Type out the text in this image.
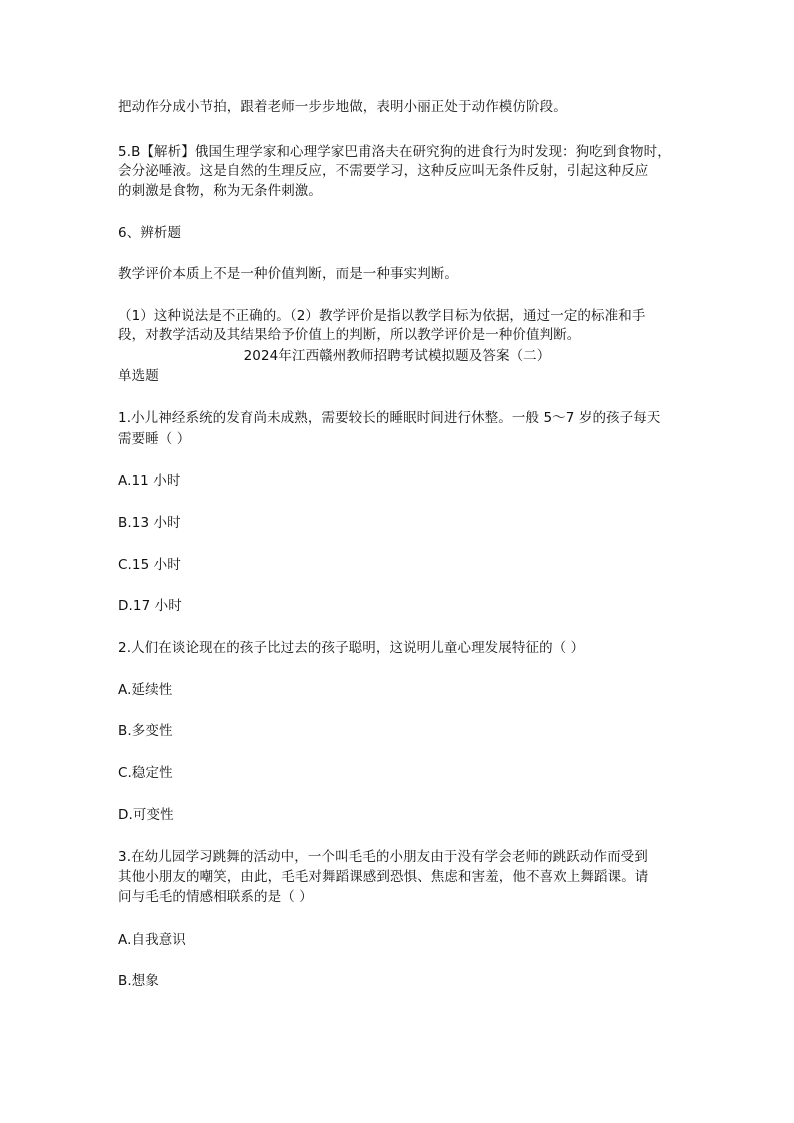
把动作分成小节拍，跟着老师一步步地做，表明小丽正处于动作模仿阶段。
5.B【解析】俄国生理学家和心理学家巴甫洛夫在研究狗的进食行为时发现：狗吃到食物时，
会分泌唾液。这是自然的生理反应，不需要学习，这种反应叫无条件反射，引起这种反应
的刺激是食物，称为无条件刺激。
6、辨析题
教学评价本质上不是一种价值判断，而是一种事实判断。
（1）这种说法是不正确的。（2）教学评价是指以教学目标为依据，通过一定的标准和手
段，对教学活动及其结果给予价值上的判断，所以教学评价是一种价值判断。
2024年江西赣州教师招聘考试模拟题及答案（二）
单选题
1.小儿神经系统的发育尚未成熟，需要较长的睡眠时间进行休整。一般 5～7 岁的孩子每天
需要睡（ ）
A.11 小时
B.13 小时
C.15 小时
D.17 小时
2.人们在谈论现在的孩子比过去的孩子聪明，这说明儿童心理发展特征的（ ）
A.延续性
B.多变性
C.稳定性
D.可变性
3.在幼儿园学习跳舞的活动中，一个叫毛毛的小朋友由于没有学会老师的跳跃动作而受到
其他小朋友的嘲笑，由此，毛毛对舞蹈课感到恐惧、焦虑和害羞，他不喜欢上舞蹈课。请
问与毛毛的情感相联系的是（ ）
A.自我意识
B.想象
